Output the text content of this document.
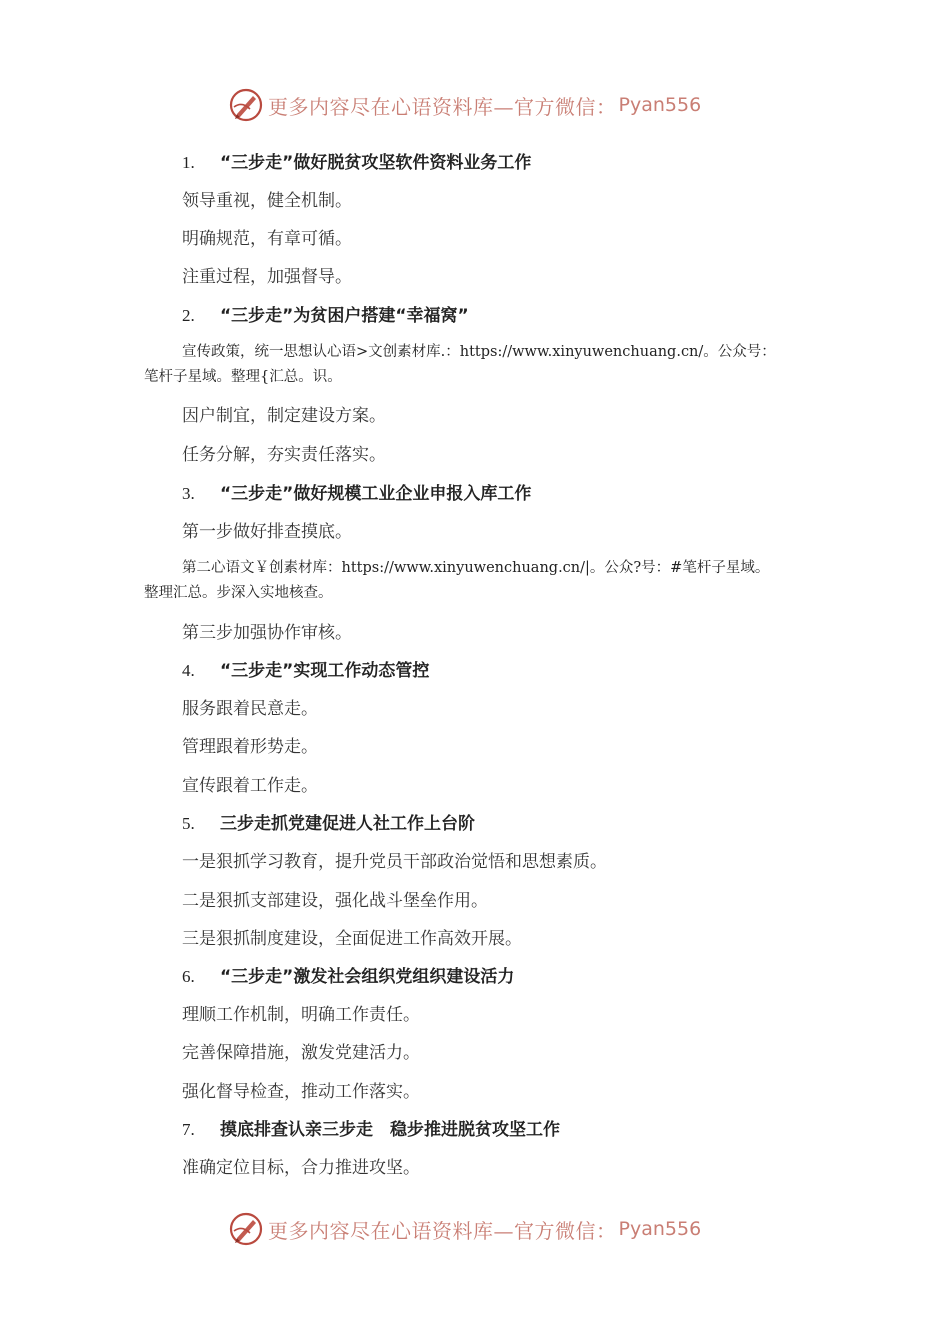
更多内容尽在心语资料库—官方微信： Pyan556
1. “三步走”做好脱贫攻坚软件资料业务工作
领导重视，健全机制。
明确规范，有章可循。
注重过程，加强督导。
2. “三步走”为贫困户搭建“幸福窝”
宣传政策，统一思想认心语>文创素材库.：https://www.xinyuwenchuang.cn/。公众号：
笔杆子星域。整理{汇总。识。
因户制宜，制定建设方案。
任务分解，夯实责任落实。
3. “三步走”做好规模工业企业申报入库工作
第一步做好排查摸底。
第二心语文￥创素材库：https://www.xinyuwenchuang.cn/|。公众?号：#笔杆子星域。
整理汇总。步深入实地核查。
第三步加强协作审核。
4. “三步走”实现工作动态管控
服务跟着民意走。
管理跟着形势走。
宣传跟着工作走。
5. 三步走抓党建促进人社工作上台阶
一是狠抓学习教育，提升党员干部政治觉悟和思想素质。
二是狠抓支部建设，强化战斗堡垒作用。
三是狠抓制度建设，全面促进工作高效开展。
6. “三步走”激发社会组织党组织建设活力
理顺工作机制，明确工作责任。
完善保障措施，激发党建活力。
强化督导检查，推动工作落实。
7. 摸底排查认亲三步走　稳步推进脱贫攻坚工作
准确定位目标，合力推进攻坚。
更多内容尽在心语资料库—官方微信： Pyan556
